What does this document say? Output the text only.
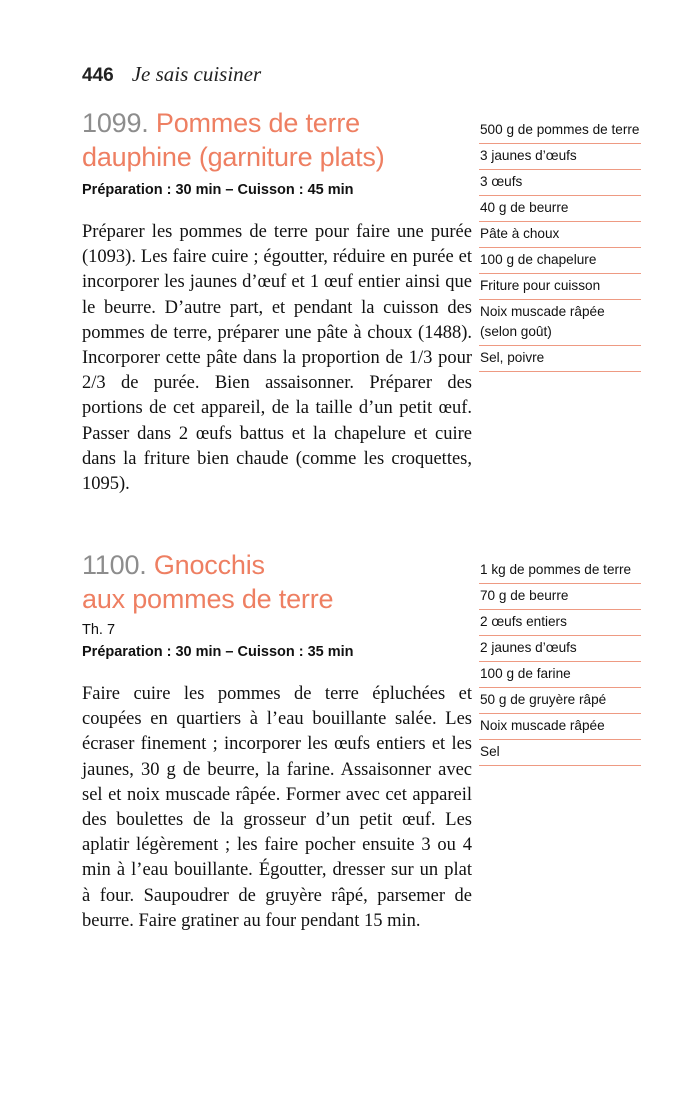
446 Je sais cuisiner
1099. Pommes de terre dauphine (garniture plats)

Préparation : 30 min – Cuisson : 45 min

Préparer les pommes de terre pour faire une purée (1093). Les faire cuire ; égoutter, réduire en purée et incorporer les jaunes d’œuf et 1 œuf entier ainsi que le beurre. D’autre part, et pendant la cuisson des pommes de terre, préparer une pâte à choux (1488). Incorporer cette pâte dans la proportion de 1/3 pour 2/3 de purée. Bien assaisonner. Préparer des portions de cet appareil, de la taille d’un petit œuf. Passer dans 2 œufs battus et la chapelure et cuire dans la friture bien chaude (comme les croquettes, 1095).

500 g de pommes de terre
3 jaunes d’œufs
3 œufs
40 g de beurre
Pâte à choux
100 g de chapelure
Friture pour cuisson
Noix muscade râpée (selon goût)
Sel, poivre
1100. Gnocchis
aux pommes de terre

Th. 7

Préparation : 30 min – Cuisson : 35 min

Faire cuire les pommes de terre épluchées et coupées en quartiers à l’eau bouillante salée. Les écraser finement ; incorporer les œufs entiers et les jaunes, 30 g de beurre, la farine. Assaisonner avec sel et noix muscade râpée. Former avec cet appareil des boulettes de la grosseur d’un petit œuf. Les aplatir légèrement ; les faire pocher ensuite 3 ou 4 min à l’eau bouillante. Égoutter, dresser sur un plat à four. Saupoudrer de gruyère râpé, parsemer de beurre. Faire gratiner au four pendant 15 min.

1 kg de pommes de terre
70 g de beurre
2 œufs entiers
2 jaunes d’œufs
100 g de farine
50 g de gruyère râpé
Noix muscade râpée
Sel
